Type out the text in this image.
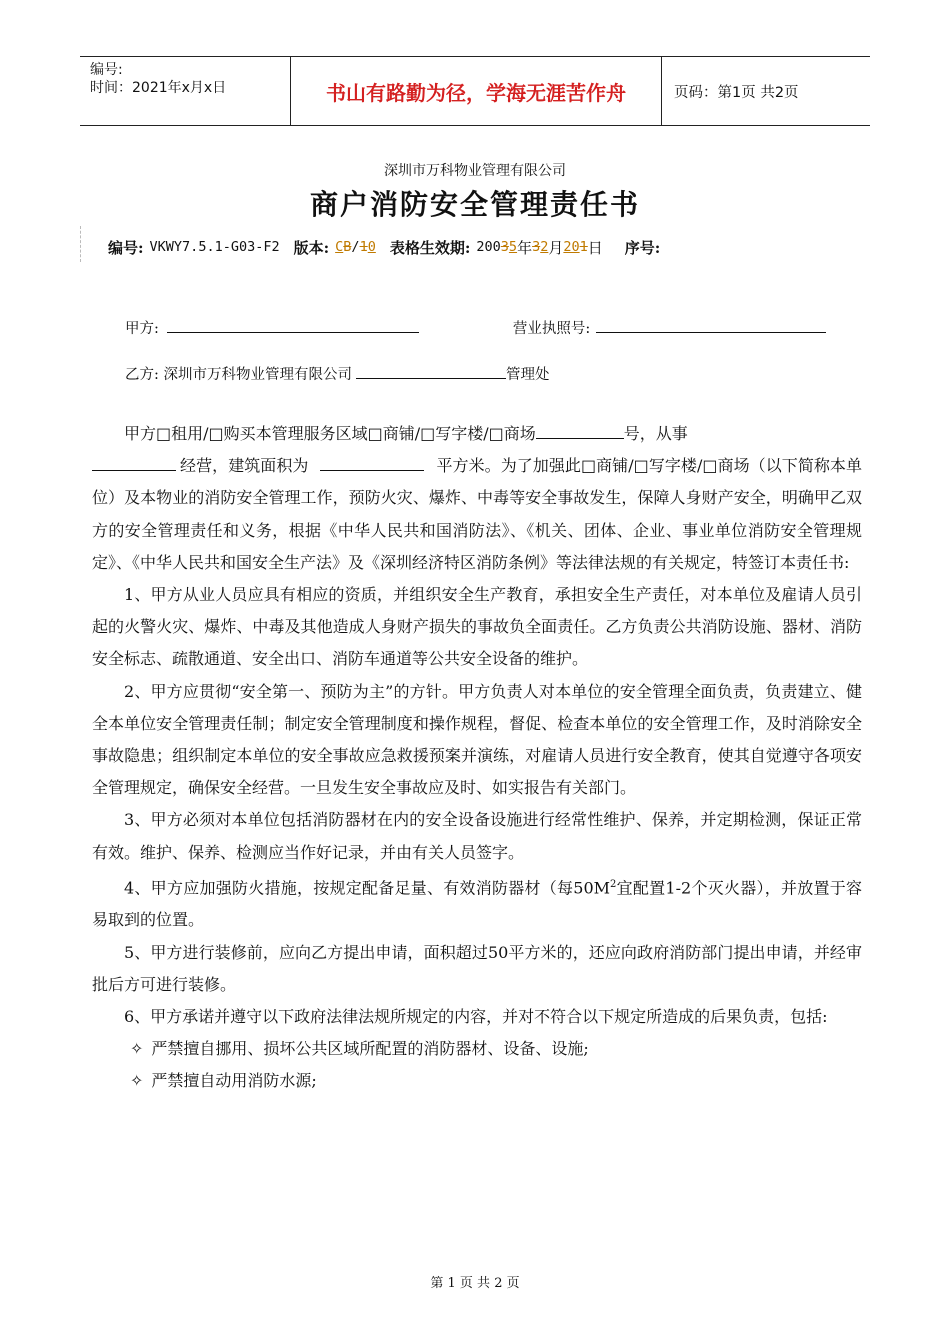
编号:
时间：2021年x月x日	书山有路勤为径，学海无涯苦作舟	页码：第1页 共2页
深圳市万科物业管理有限公司
商户消防安全管理责任书
编号: VKWY7.5.1-G03-F2 版本: CB/10 表格生效期: 20035 年 32 月 201 日 序号:
甲方:	营业执照号:
乙方: 深圳市万科物业管理有限公司	管理处

甲方□租用/□购买本管理服务区域□商铺/□写字楼/□商场	号，从事
经营，建筑面积为	平方米。为了加强此□商铺/□写字楼/□商场（以下简称本单位）及本物业的消防安全管理工作，预防火灾、爆炸、中毒等安全事故发生，保障人身财产安全，明确甲乙双方的安全管理责任和义务，根据《中华人民共和国消防法》、《机关、团体、企业、事业单位消防安全管理规定》、《中华人民共和国安全生产法》及《深圳经济特区消防条例》等法律法规的有关规定，特签订本责任书:

1、甲方从业人员应具有相应的资质，并组织安全生产教育，承担安全生产责任，对本单位及雇请人员引起的火警火灾、爆炸、中毒及其他造成人身财产损失的事故负全面责任。乙方负责公共消防设施、器材、消防安全标志、疏散通道、安全出口、消防车通道等公共安全设备的维护。

2、甲方应贯彻“安全第一、预防为主”的方针。甲方负责人对本单位的安全管理全面负责，负责建立、健全本单位安全管理责任制；制定安全管理制度和操作规程，督促、检查本单位的安全管理工作，及时消除安全事故隐患；组织制定本单位的安全事故应急救援预案并演练，对雇请人员进行安全教育，使其自觉遵守各项安全管理规定，确保安全经营。一旦发生安全事故应及时、如实报告有关部门。

3、甲方必须对本单位包括消防器材在内的安全设备设施进行经常性维护、保养，并定期检测，保证正常有效。维护、保养、检测应当作好记录，并由有关人员签字。

4、甲方应加强防火措施，按规定配备足量、有效消防器材（每$50M^2$宜配置1-2个灭火器），并放置于容易取到的位置。

5、甲方进行装修前，应向乙方提出申请，面积超过50平方米的，还应向政府消防部门提出申请，并经审批后方可进行装修。

6、甲方承诺并遵守以下政府法律法规所规定的内容，并对不符合以下规定所造成的后果负责，包括:

✧ 严禁擅自挪用、损坏公共区域所配置的消防器材、设备、设施;

✧ 严禁擅自动用消防水源;

第 1 页 共 2 页
